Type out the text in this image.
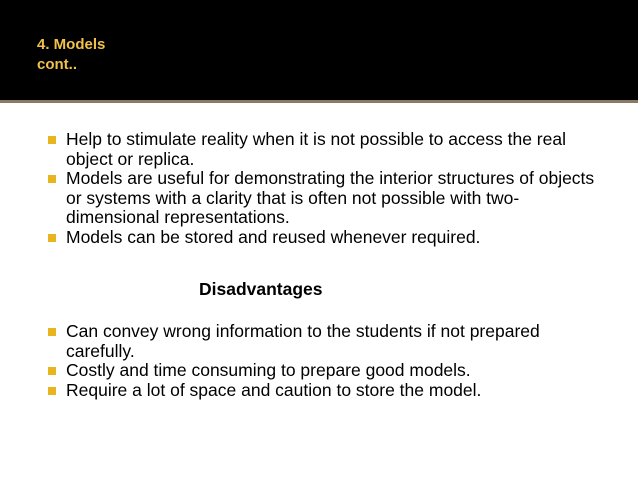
4. Models
cont..
Help to stimulate reality when it is not possible to access the real object or replica.
Models are useful for demonstrating the interior structures of objects or systems with a clarity that is often not possible with two-dimensional representations.
Models can be stored and reused whenever required.
Disadvantages
Can convey wrong information to the students if not prepared carefully.
Costly and time consuming to prepare good models.
Require a lot of space and caution to store the model.
